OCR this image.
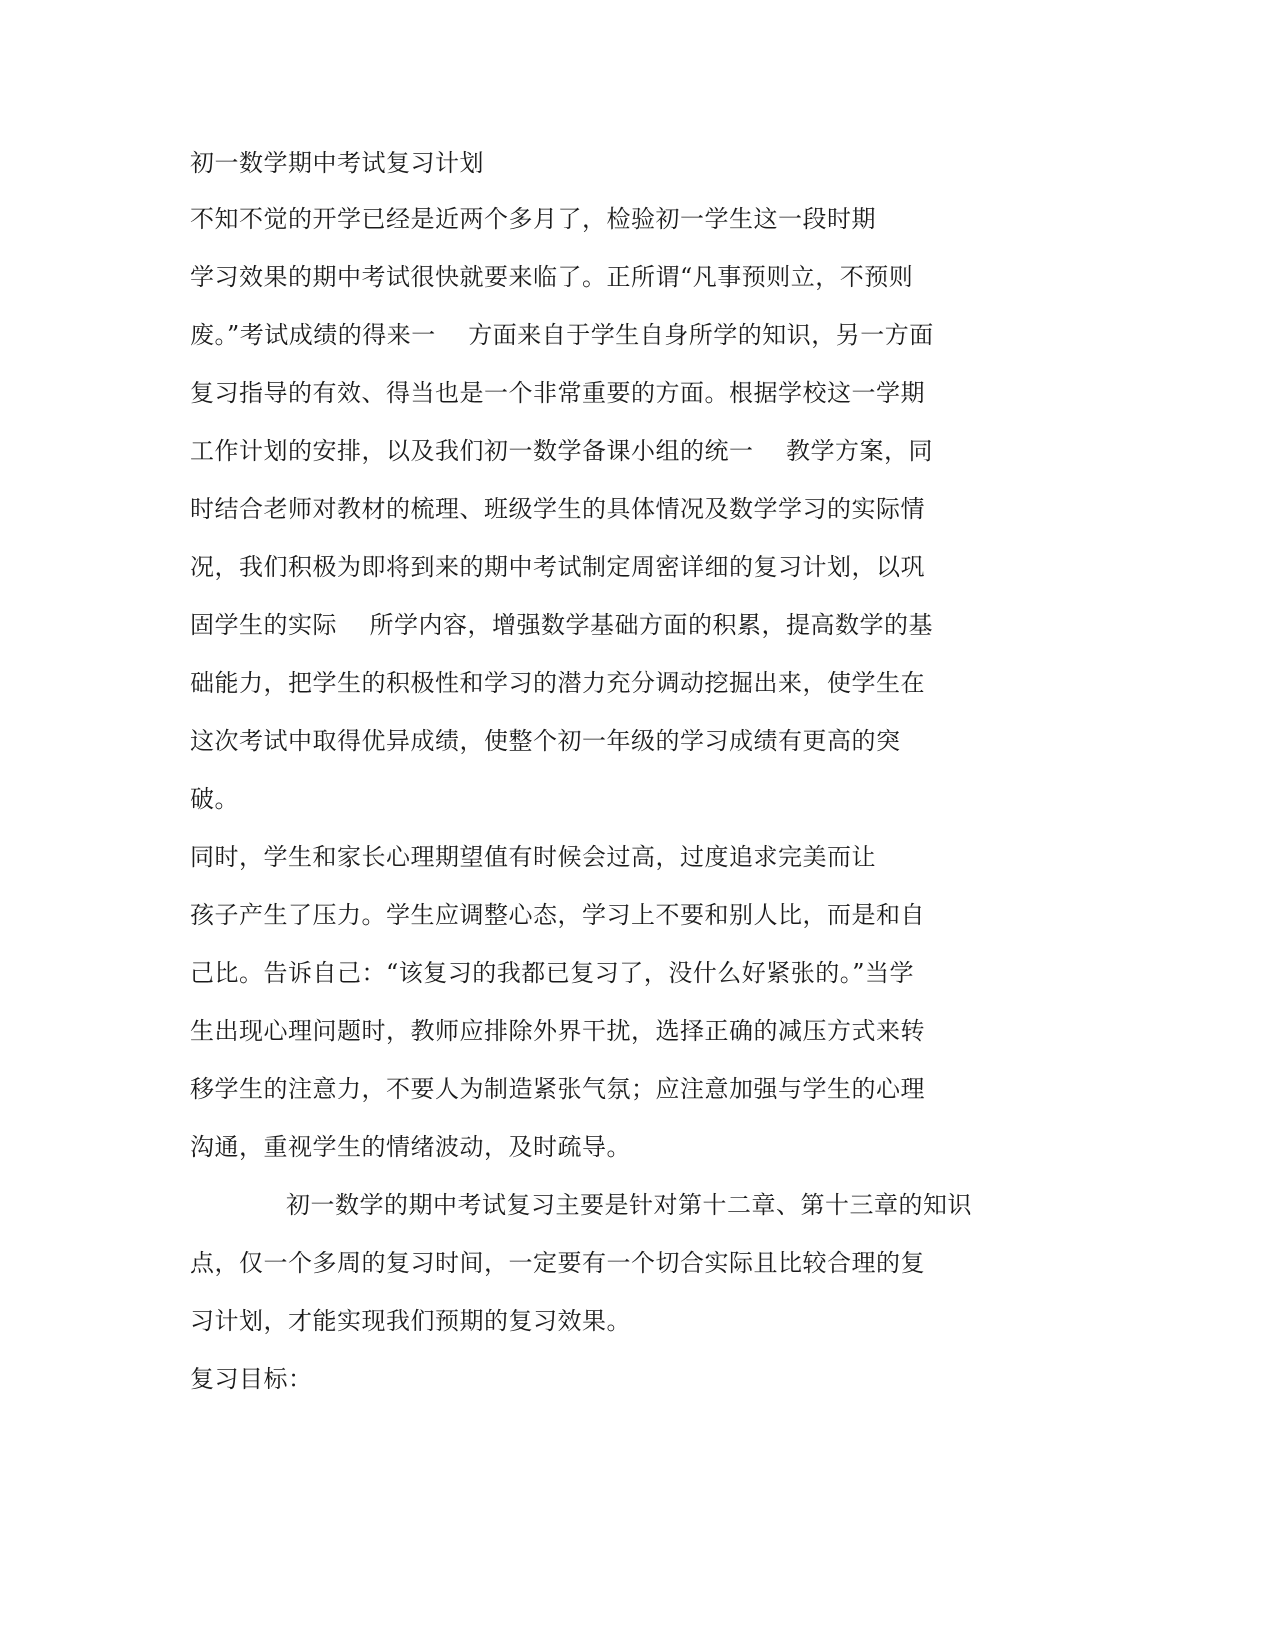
初一数学期中考试复习计划
不知不觉的开学已经是近两个多月了，检验初一学生这一段时期
学习效果的期中考试很快就要来临了。正所谓“凡事预则立，不预则
废。”考试成绩的得来一    方面来自于学生自身所学的知识，另一方面
复习指导的有效、得当也是一个非常重要的方面。根据学校这一学期
工作计划的安排，以及我们初一数学备课小组的统一    教学方案，同
时结合老师对教材的梳理、班级学生的具体情况及数学学习的实际情
况，我们积极为即将到来的期中考试制定周密详细的复习计划，以巩
固学生的实际    所学内容，增强数学基础方面的积累，提高数学的基
础能力，把学生的积极性和学习的潜力充分调动挖掘出来，使学生在
这次考试中取得优异成绩，使整个初一年级的学习成绩有更高的突
破。
同时，学生和家长心理期望值有时候会过高，过度追求完美而让
孩子产生了压力。学生应调整心态，学习上不要和别人比，而是和自
己比。告诉自己：“该复习的我都已复习了，没什么好紧张的。”当学
生出现心理问题时，教师应排除外界干扰，选择正确的减压方式来转
移学生的注意力，不要人为制造紧张气氛；应注意加强与学生的心理
沟通，重视学生的情绪波动，及时疏导。
初一数学的期中考试复习主要是针对第十二章、第十三章的知识
点，仅一个多周的复习时间，一定要有一个切合实际且比较合理的复
习计划，才能实现我们预期的复习效果。
复习目标：
